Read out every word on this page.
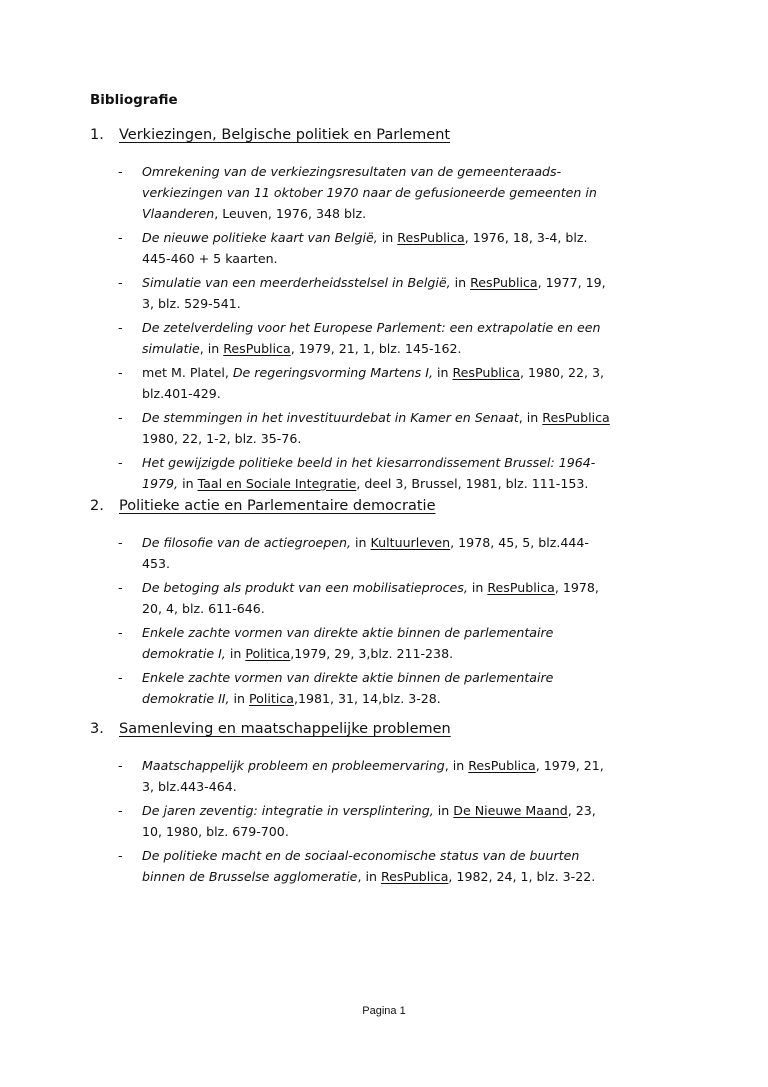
Bibliografie
1. Verkiezingen, Belgische politiek en Parlement
- Omrekening van de verkiezingsresultaten van de gemeenteraads-
verkiezingen van 11 oktober 1970 naar de gefusioneerde gemeenten in
Vlaanderen, Leuven, 1976, 348 blz.
- De nieuwe politieke kaart van België, in ResPublica, 1976, 18, 3-4, blz.
445-460 + 5 kaarten.
- Simulatie van een meerderheidsstelsel in België, in ResPublica, 1977, 19,
3, blz. 529-541.
- De zetelverdeling voor het Europese Parlement: een extrapolatie en een
simulatie, in ResPublica, 1979, 21, 1, blz. 145-162.
- met M. Platel, De regeringsvorming Martens I, in ResPublica, 1980, 22, 3,
blz.401-429.
- De stemmingen in het investituurdebat in Kamer en Senaat, in ResPublica
1980, 22, 1-2, blz. 35-76.
- Het gewijzigde politieke beeld in het kiesarrondissement Brussel: 1964-
1979, in Taal en Sociale Integratie, deel 3, Brussel, 1981, blz. 111-153.
2. Politieke actie en Parlementaire democratie
- De filosofie van de actiegroepen, in Kultuurleven, 1978, 45, 5, blz.444-
453.
- De betoging als produkt van een mobilisatieproces, in ResPublica, 1978,
20, 4, blz. 611-646.
- Enkele zachte vormen van direkte aktie binnen de parlementaire
demokratie I, in Politica,1979, 29, 3,blz. 211-238.
- Enkele zachte vormen van direkte aktie binnen de parlementaire
demokratie II, in Politica,1981, 31, 14,blz. 3-28.
3. Samenleving en maatschappelijke problemen
- Maatschappelijk probleem en probleemervaring, in ResPublica, 1979, 21,
3, blz.443-464.
- De jaren zeventig: integratie in versplintering, in De Nieuwe Maand, 23,
10, 1980, blz. 679-700.
- De politieke macht en de sociaal-economische status van de buurten
binnen de Brusselse agglomeratie, in ResPublica, 1982, 24, 1, blz. 3-22.
Pagina 1
